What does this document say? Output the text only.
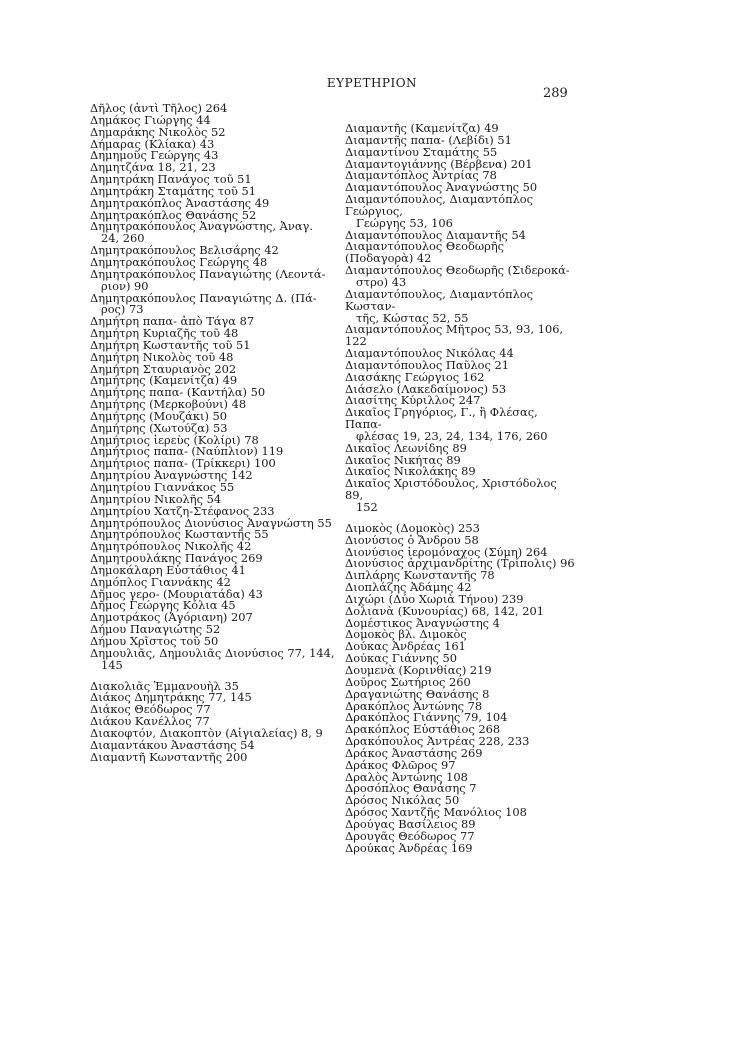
ΕΥΡΕΤΗΡΙΟΝ
289
Δῆλος (ἀντὶ Τῆλος) 264
Δημάκος Γιώργης 44
Δημαράκης Νικολὸς 52
Δήμαρας (Κλίακα) 43
Δημημοῦς Γεώργης 43
Δημητζάνα 18, 21, 23
Δημητράκη Πανάγος τοῦ 51
Δημητράκη Σταμάτης τοῦ 51
Δημητρακόπλος Ἀναστάσης 49
Δημητρακόπλος Θανάσης 52
Δημητρακόπουλος Ἀναγνώστης, Ἀναγ.
24, 260
Δημητρακόπουλος Βελισάρης 42
Δημητρακόπουλος Γεώργης 48
Δημητρακόπουλος Παναγιώτης (Λεοντά-
ριον) 90
Δημητρακόπουλος Παναγιώτης Δ. (Πά-
ρος) 73
Δημήτρη παπα- ἀπὸ Τάγα 87
Δημήτρη Κυριαζῆς τοῦ 48
Δημήτρη Κωσταντῆς τοῦ 51
Δημήτρη Νικολὸς τοῦ 48
Δημήτρη Σταυριανὸς 202
Δημήτρης (Καμενίτζα) 49
Δημήτρης παπα- (Καντήλα) 50
Δημήτρης (Μερκοβούνι) 48
Δημήτρης (Μουζάκι) 50
Δημήτρης (Χωτούζα) 53
Δημήτριος ἱερεὺς (Κολίρι) 78
Δημήτριος παπα- (Ναύπλιον) 119
Δημήτριος παπα- (Τρίκκερι) 100
Δημητρίου Ἀναγνώστης 142
Δημητρίου Γιαννάκος 55
Δημητρίου Νικολῆς 54
Δημητρίου Χατζη-Στέφανος 233
Δημητρόπουλος Διονύσιος Ἀναγνώστη 55
Δημητρόπουλος Κωσταντῆς 55
Δημητρόπουλος Νικολῆς 42
Δημητρουλάκης Πανάγος 269
Δημοκάλαρη Εὐστάθιος 41
Δημόπλος Γιαννάκης 42
Δῆμος γερο- (Μουριατάδα) 43
Δῆμος Γεώργης Κόλια 45
Δημοτράκος (Ἀγόριανη) 207
Δήμου Παναγιώτης 52
Δήμου Χρῖστος τοῦ 50
Δημουλιᾶς, Δημουλιᾶς Διονύσιος 77, 144,
145
Διακολιᾶς Ἐμμανουὴλ 35
Διάκος Δημητράκης 77, 145
Διάκος Θεόδωρος 77
Διάκου Κανέλλος 77
Διακοφτόν, Διακοπτὸν (Αἰγιαλείας) 8, 9
Διαμαντάκου Ἀναστάσης 54
Διαμαντῆ Κωνσταντῆς 200
Διαμαντῆς (Καμενίτζα) 49
Διαμαντῆς παπα- (Λεβίδι) 51
Διαμαντίνου Σταμάτης 55
Διαμαντογιάννης (Βέρβενα) 201
Διαμαντόπλος Ἀντρίας 78
Διαμαντόπουλος Ἀναγνώστης 50
Διαμαντόπουλος, Διαμαντόπλος Γεώργιος,
Γεώργης 53, 106
Διαμαντόπουλος Διαμαντῆς 54
Διαμαντόπουλος Θεοδωρῆς (Ποδαγορὰ) 42
Διαμαντόπουλος Θεοδωρῆς (Σιδεροκά-
στρο) 43
Διαμαντόπουλος, Διαμαντόπλος Κωσταν-
τῆς, Κώστας 52, 55
Διαμαντόπουλος Μῆτρος 53, 93, 106, 122
Διαμαντόπουλος Νικόλας 44
Διαμαντόπουλος Παῦλος 21
Διασάκης Γεώργιος 162
Διάσελο (Λακεδαίμονος) 53
Διασίτης Κύριλλος 247
Δικαῖος Γρηγόριος, Γ., ἢ Φλέσας, Παπα-
φλέσας 19, 23, 24, 134, 176, 260
Δικαῖος Λεωνίδης 89
Δικαῖος Νικήτας 89
Δικαῖος Νικολάκης 89
Δικαῖος Χριστόδουλος, Χριστόδολος 89,
152
Διμοκὸς (Δομοκὸς) 253
Διονύσιος ὁ Ἄνδρου 58
Διονύσιος ἱερομόναχος (Σύμη) 264
Διονύσιος ἀρχιμανδρίτης (Τρίπολις) 96
Διπλάρης Κωνσταντῆς 78
Διοπλάζης Ἀδάμης 42
Διχώρι (Δύο Χωριὰ Τήνου) 239
Δολιανὰ (Κυνουρίας) 68, 142, 201
Δομέστικος Ἀναγνώστης 4
Δομοκὸς βλ. Διμοκὸς
Δούκας Ἀνδρέας 161
Δούκας Γιάννης 50
Δουμενὰ (Κορινθίας) 219
Δοῦρος Σωτήριος 260
Δραγανιώτης Θανάσης 8
Δρακόπλος Ἀντώνης 78
Δρακόπλος Γιάννης 79, 104
Δρακόπλος Εὐστάθιος 268
Δρακόπουλος Ἀντρέας 228, 233
Δράκος Ἀναστάσης 269
Δράκος Φλῶρος 97
Δραλὸς Ἀντώνης 108
Δροσόπλος Θανάσης 7
Δρόσος Νικόλας 50
Δρόσος Χαντζῆς Μανόλιος 108
Δρούγας Βασίλειος 89
Δρουγᾶς Θεόδωρος 77
Δρούκας Ἀνδρέας 169
